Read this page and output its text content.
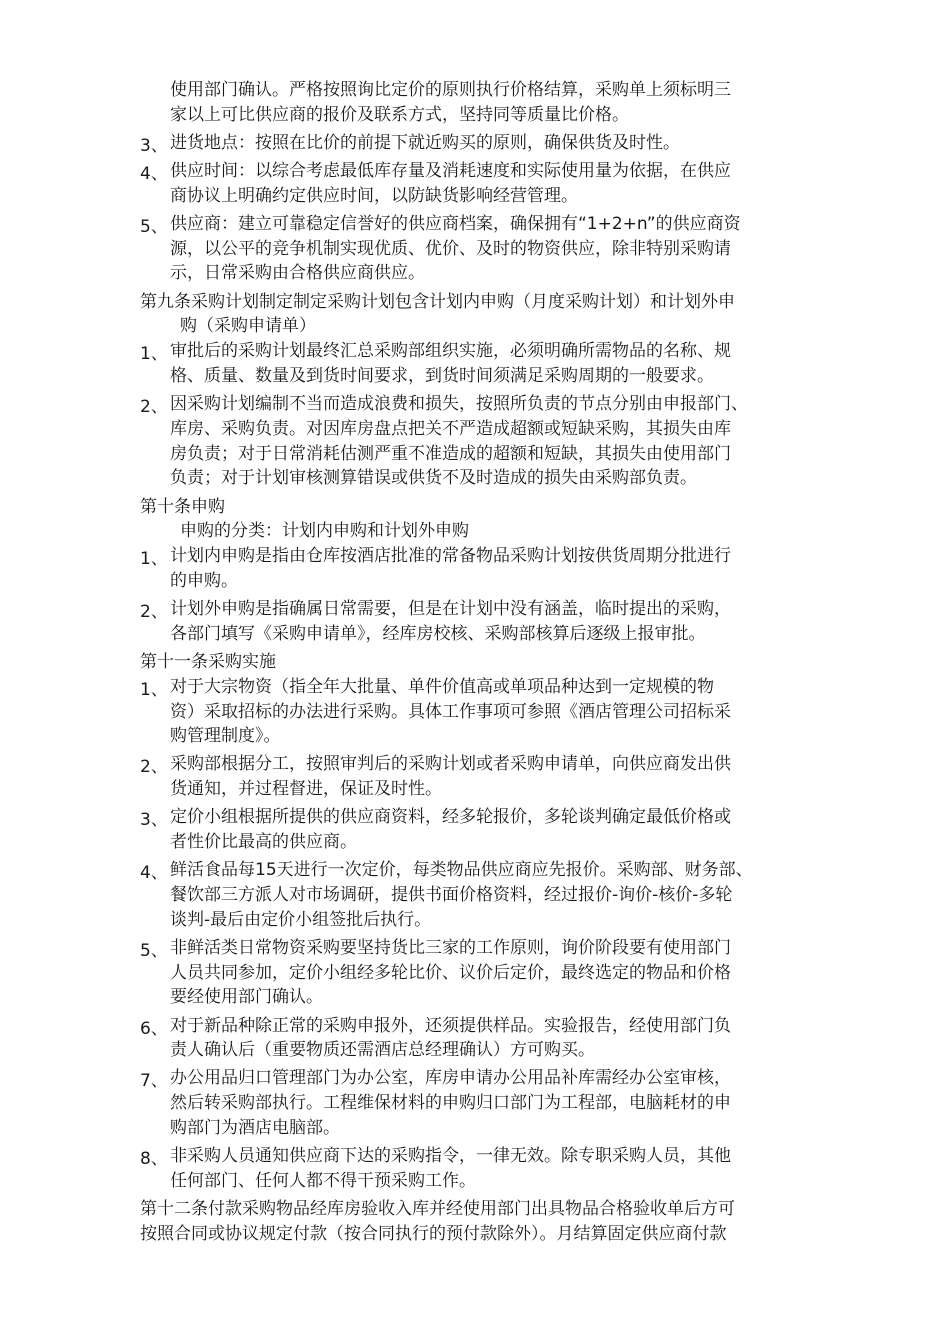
使用部门确认。严格按照询比定价的原则执行价格结算，采购单上须标明三
家以上可比供应商的报价及联系方式，坚持同等质量比价格。
3、 进货地点：按照在比价的前提下就近购买的原则，确保供货及时性。
4、 供应时间：以综合考虑最低库存量及消耗速度和实际使用量为依据，在供应
商协议上明确约定供应时间，以防缺货影响经营管理。
5、 供应商：建立可靠稳定信誉好的供应商档案，确保拥有“1+2+n”的供应商资
源，以公平的竞争机制实现优质、优价、及时的物资供应，除非特别采购请
示，日常采购由合格供应商供应。
第九条采购计划制定制定采购计划包含计划内申购（月度采购计划）和计划外申
购（采购申请单）
1、 审批后的采购计划最终汇总采购部组织实施，必须明确所需物品的名称、规
格、质量、数量及到货时间要求，到货时间须满足采购周期的一般要求。
2、 因采购计划编制不当而造成浪费和损失，按照所负责的节点分别由申报部门、
库房、采购负责。对因库房盘点把关不严造成超额或短缺采购，其损失由库
房负责；对于日常消耗估测严重不准造成的超额和短缺，其损失由使用部门
负责；对于计划审核测算错误或供货不及时造成的损失由采购部负责。
第十条申购
申购的分类：计划内申购和计划外申购
1、 计划内申购是指由仓库按酒店批准的常备物品采购计划按供货周期分批进行
的申购。
2、 计划外申购是指确属日常需要，但是在计划中没有涵盖，临时提出的采购，
各部门填写《采购申请单》，经库房校核、采购部核算后逐级上报审批。
第十一条采购实施
1、 对于大宗物资（指全年大批量、单件价值高或单项品种达到一定规模的物
资）采取招标的办法进行采购。具体工作事项可参照《酒店管理公司招标采
购管理制度》。
2、 采购部根据分工，按照审判后的采购计划或者采购申请单，向供应商发出供
货通知，并过程督进，保证及时性。
3、 定价小组根据所提供的供应商资料，经多轮报价，多轮谈判确定最低价格或
者性价比最高的供应商。
4、 鲜活食品每15天进行一次定价，每类物品供应商应先报价。采购部、财务部、
餐饮部三方派人对市场调研，提供书面价格资料，经过报价-询价-核价-多轮
谈判-最后由定价小组签批后执行。
5、 非鲜活类日常物资采购要坚持货比三家的工作原则，询价阶段要有使用部门
人员共同参加，定价小组经多轮比价、议价后定价，最终选定的物品和价格
要经使用部门确认。
6、 对于新品种除正常的采购申报外，还须提供样品。实验报告，经使用部门负
责人确认后（重要物质还需酒店总经理确认）方可购买。
7、 办公用品归口管理部门为办公室，库房申请办公用品补库需经办公室审核，
然后转采购部执行。工程维保材料的申购归口部门为工程部，电脑耗材的申
购部门为酒店电脑部。
8、 非采购人员通知供应商下达的采购指令，一律无效。除专职采购人员，其他
任何部门、任何人都不得干预采购工作。
第十二条付款采购物品经库房验收入库并经使用部门出具物品合格验收单后方可
按照合同或协议规定付款（按合同执行的预付款除外）。月结算固定供应商付款
